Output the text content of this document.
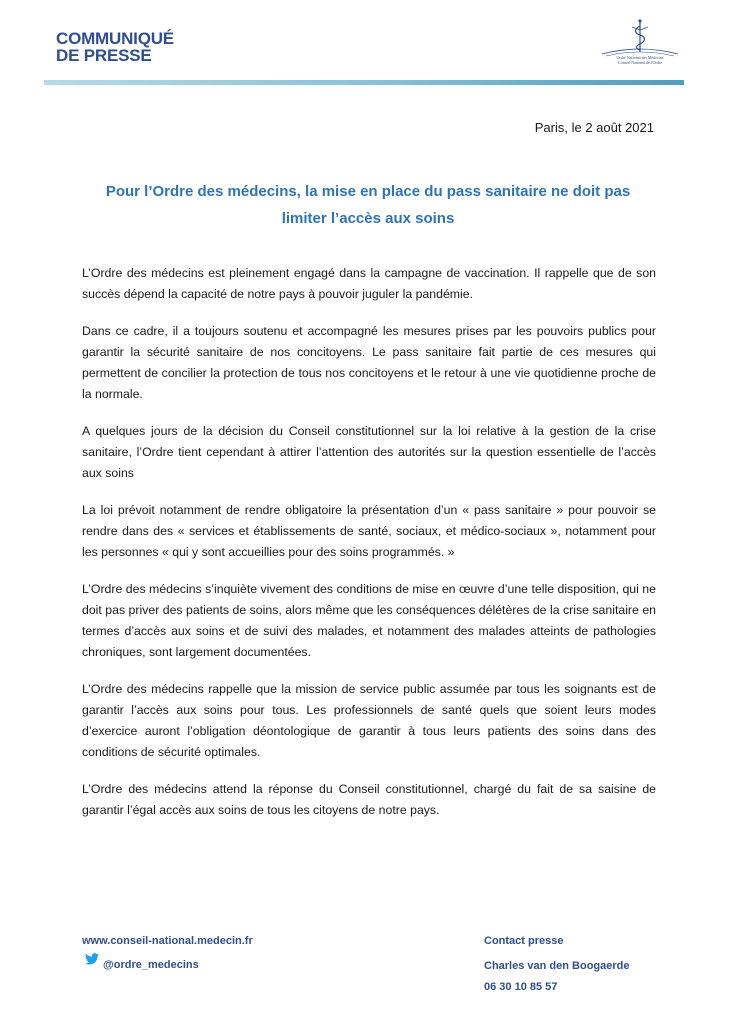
COMMUNIQUÉ
DE PRESSE	Ordre National des Médecins
Conseil National de l'Ordre
Paris, le 2 août 2021
Pour l’Ordre des médecins, la mise en place du pass sanitaire ne doit pas limiter l’accès aux soins

L’Ordre des médecins est pleinement engagé dans la campagne de vaccination. Il rappelle que de son succès dépend la capacité de notre pays à pouvoir juguler la pandémie.

Dans ce cadre, il a toujours soutenu et accompagné les mesures prises par les pouvoirs publics pour garantir la sécurité sanitaire de nos concitoyens. Le pass sanitaire fait partie de ces mesures qui permettent de concilier la protection de tous nos concitoyens et le retour à une vie quotidienne proche de la normale.

A quelques jours de la décision du Conseil constitutionnel sur la loi relative à la gestion de la crise sanitaire, l’Ordre tient cependant à attirer l’attention des autorités sur la question essentielle de l’accès aux soins

La loi prévoit notamment de rendre obligatoire la présentation d’un « pass sanitaire » pour pouvoir se rendre dans des « services et établissements de santé, sociaux, et médico-sociaux », notamment pour les personnes « qui y sont accueillies pour des soins programmés. »

L’Ordre des médecins s’inquiète vivement des conditions de mise en œuvre d’une telle disposition, qui ne doit pas priver des patients de soins, alors même que les conséquences délétères de la crise sanitaire en termes d’accès aux soins et de suivi des malades, et notamment des malades atteints de pathologies chroniques, sont largement documentées.

L’Ordre des médecins rappelle que la mission de service public assumée par tous les soignants est de garantir l’accès aux soins pour tous. Les professionnels de santé quels que soient leurs modes d’exercice auront l’obligation déontologique de garantir à tous leurs patients des soins dans des conditions de sécurité optimales.

L’Ordre des médecins attend la réponse du Conseil constitutionnel, chargé du fait de sa saisine de garantir l’égal accès aux soins de tous les citoyens de notre pays.

www.conseil-national.medecin.fr
@ordre_medecins
Contact presse
Charles van den Boogaerde
06 30 10 85 57
